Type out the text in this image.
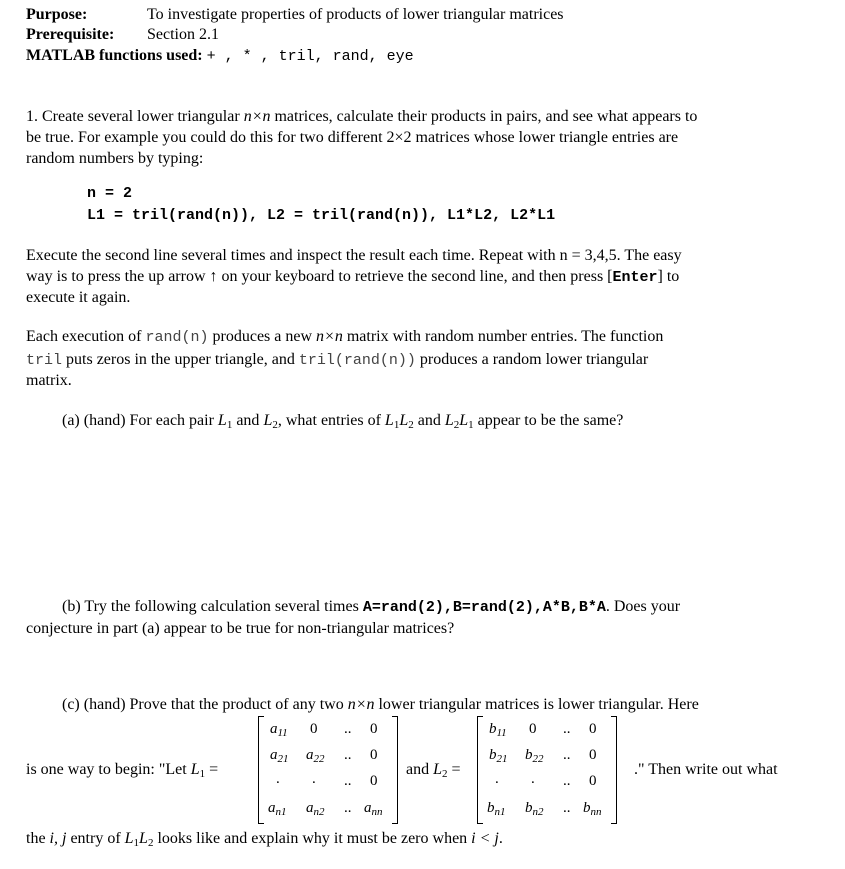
Purpose:	To investigate properties of products of lower triangular matrices
Prerequisite: Section 2.1
MATLAB functions used: + , * , tril, rand, eye
1. Create several lower triangular n×n matrices, calculate their products in pairs, and see what appears to
be true. For example you could do this for two different 2×2 matrices whose lower triangle entries are
random numbers by typing:
n = 2
L1 = tril(rand(n)), L2 = tril(rand(n)), L1*L2, L2*L1
Execute the second line several times and inspect the result each time. Repeat with n = 3,4,5. The easy
way is to press the up arrow ↑ on your keyboard to retrieve the second line, and then press [Enter] to
execute it again.
Each execution of rand(n) produces a new n×n matrix with random number entries. The function
tril puts zeros in the upper triangle, and tril(rand(n)) produces a random lower triangular
matrix.
(a) (hand) For each pair $L_1$ and $L_2$, what entries of $L_1L_2$ and $L_2L_1$ appear to be the same?
(b) Try the following calculation several times A=rand(2),B=rand(2),A*B,B*A. Does your
conjecture in part (a) appear to be true for non-triangular matrices?
(c) (hand) Prove that the product of any two n×n lower triangular matrices is lower triangular. Here
is one way to begin: "Let $L_1$ =
$a_{11}$ 0 .. 0
$a_{21}$ $a_{22}$ .. 0
. . .. 0
$a_{n1}$ $a_{n2}$ .. $a_{nn}$
and $L_2$ =
$b_{11}$ 0 .. 0
$b_{21}$ $b_{22}$ .. 0
. . .. 0
$b_{n1}$ $b_{n2}$ .. $b_{nn}$
." Then write out what
the i, j entry of $L_1L_2$ looks like and explain why it must be zero when i < j.
